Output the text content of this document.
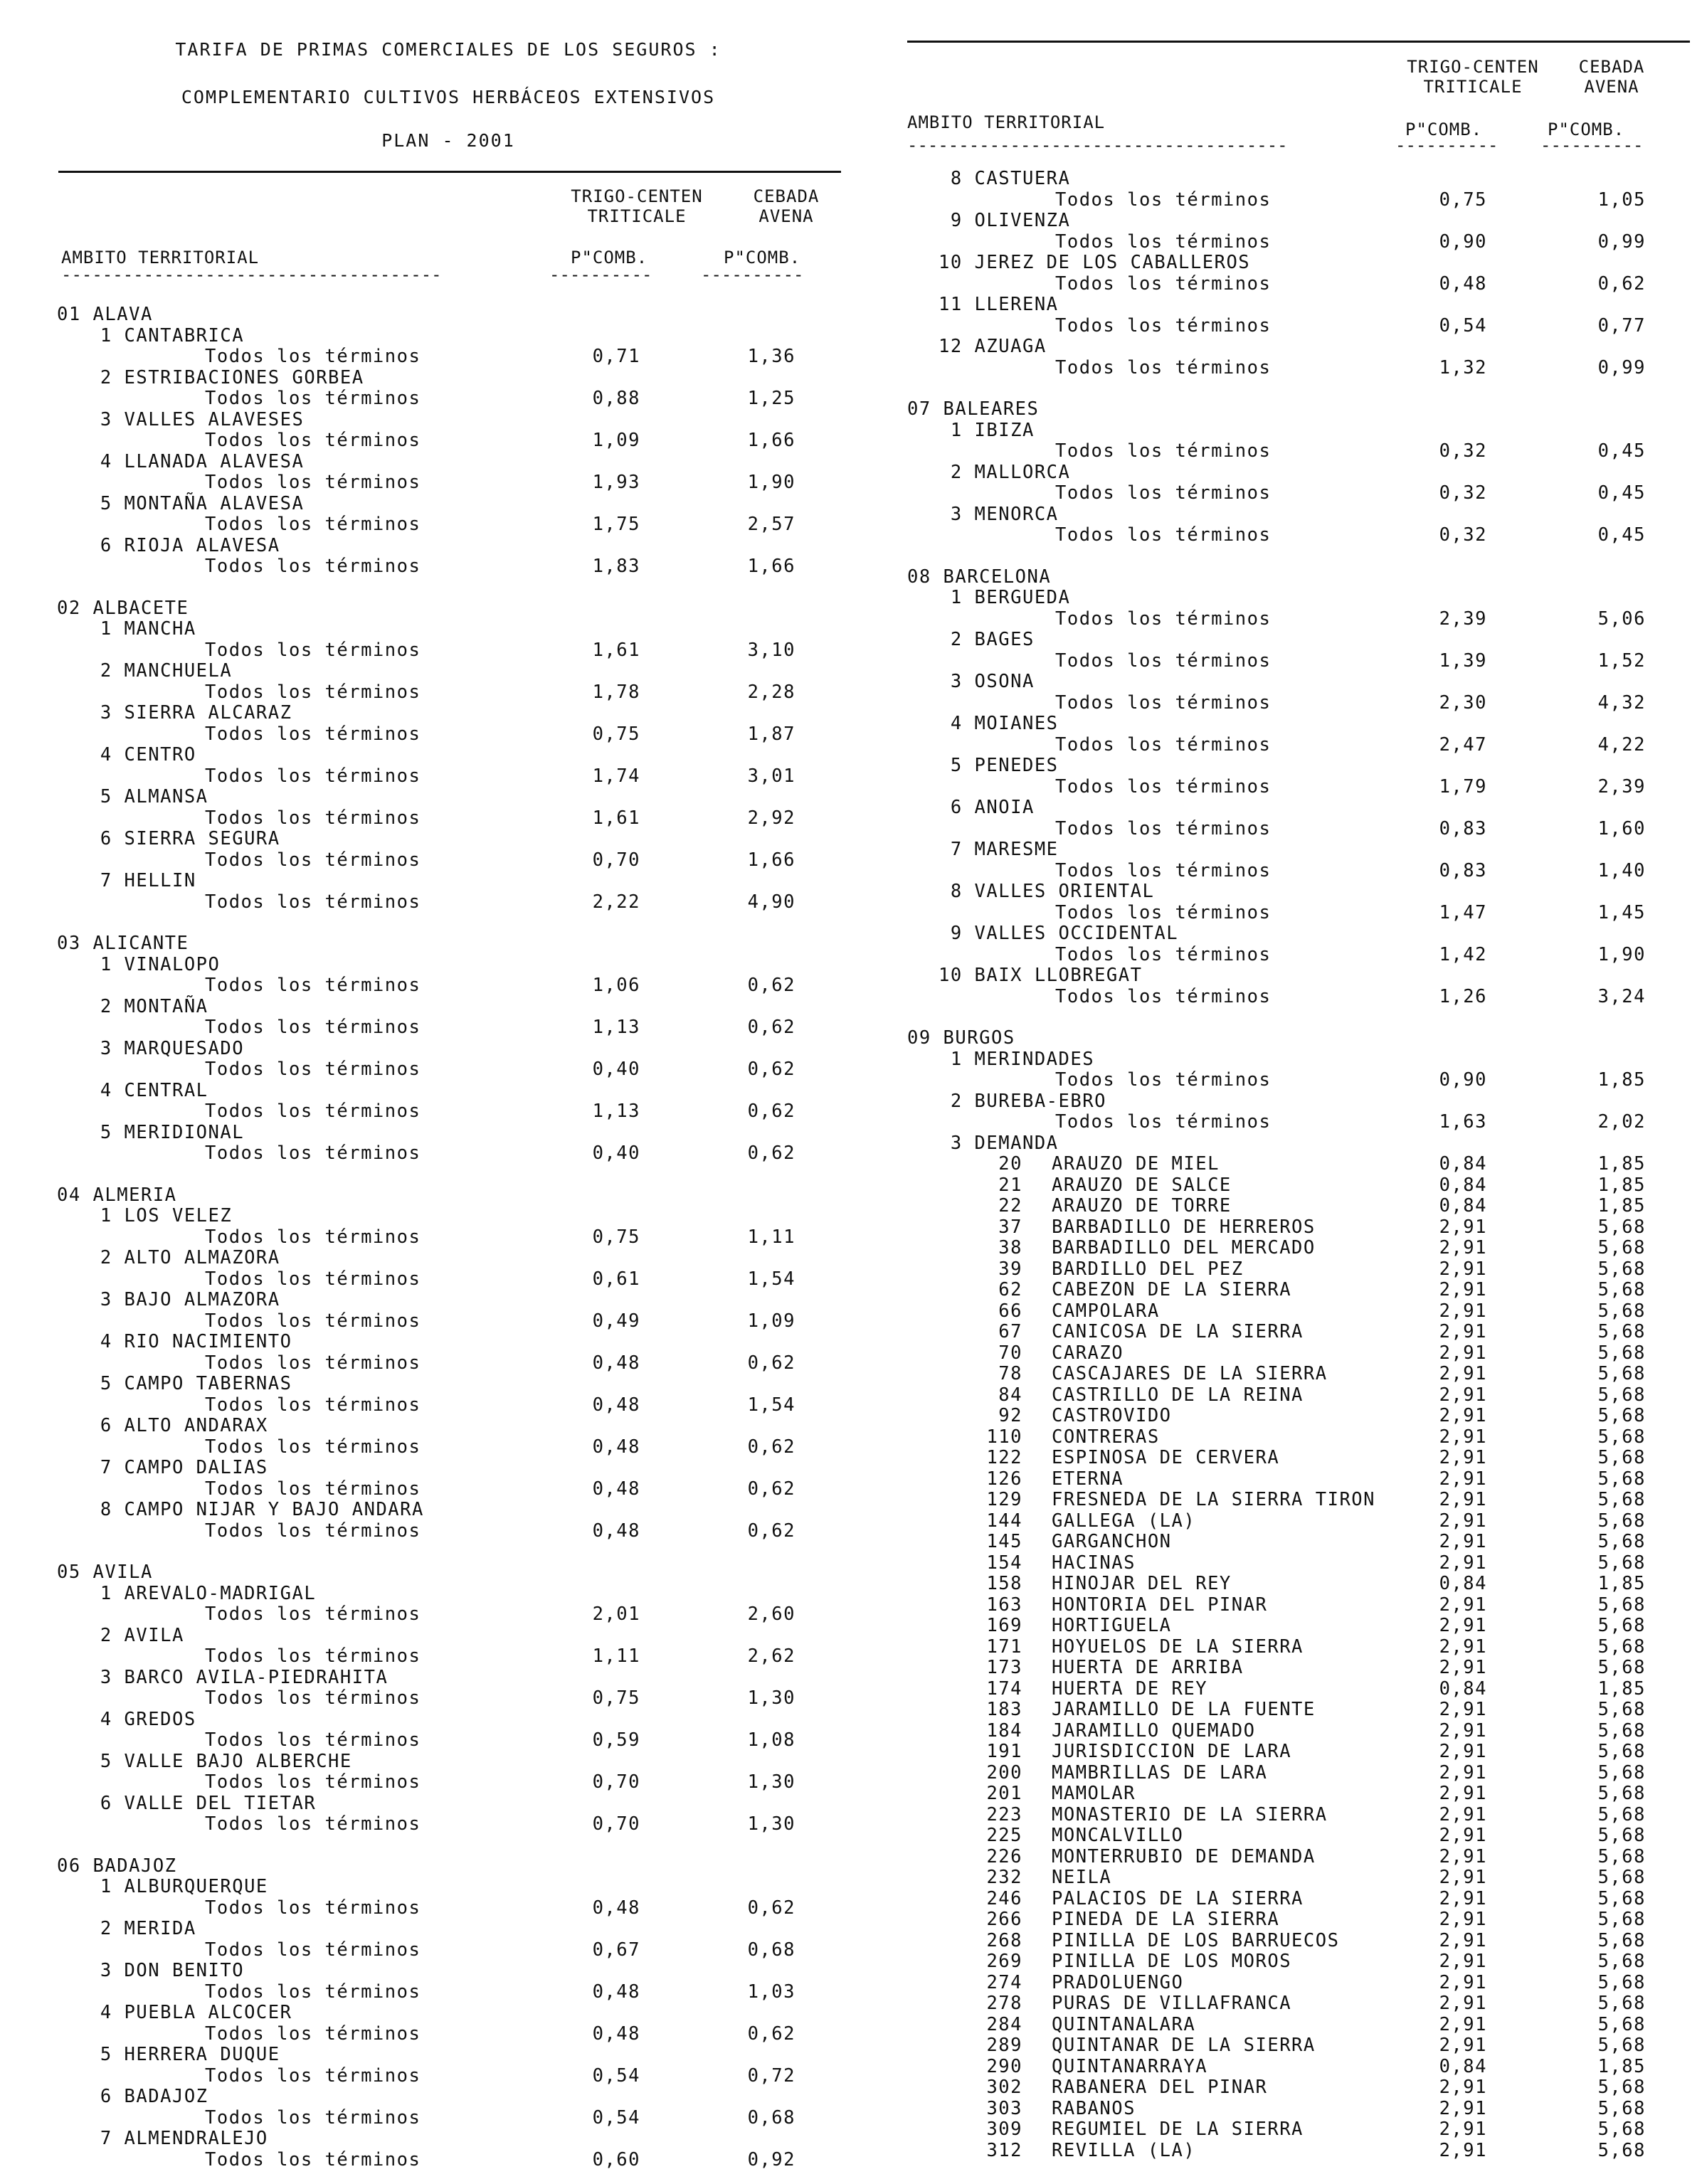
TARIFA DE PRIMAS COMERCIALES DE LOS SEGUROS :
COMPLEMENTARIO CULTIVOS HERBÁCEOS EXTENSIVOS
PLAN - 2001
TRIGO-CENTEN
TRITICALE
CEBADA
AVENA
AMBITO TERRITORIAL	P"COMB.	P"COMB.
-------------------------------------	----------	----------
01 ALAVA
1 CANTABRICA
Todos los términos	0,71	1,36
2 ESTRIBACIONES GORBEA
Todos los términos	0,88	1,25
3 VALLES ALAVESES
Todos los términos	1,09	1,66
4 LLANADA ALAVESA
Todos los términos	1,93	1,90
5 MONTAÑA ALAVESA
Todos los términos	1,75	2,57
6 RIOJA ALAVESA
Todos los términos	1,83	1,66
02 ALBACETE
1 MANCHA
Todos los términos	1,61	3,10
2 MANCHUELA
Todos los términos	1,78	2,28
3 SIERRA ALCARAZ
Todos los términos	0,75	1,87
4 CENTRO
Todos los términos	1,74	3,01
5 ALMANSA
Todos los términos	1,61	2,92
6 SIERRA SEGURA
Todos los términos	0,70	1,66
7 HELLIN
Todos los términos	2,22	4,90
03 ALICANTE
1 VINALOPO
Todos los términos	1,06	0,62
2 MONTAÑA
Todos los términos	1,13	0,62
3 MARQUESADO
Todos los términos	0,40	0,62
4 CENTRAL
Todos los términos	1,13	0,62
5 MERIDIONAL
Todos los términos	0,40	0,62
04 ALMERIA
1 LOS VELEZ
Todos los términos	0,75	1,11
2 ALTO ALMAZORA
Todos los términos	0,61	1,54
3 BAJO ALMAZORA
Todos los términos	0,49	1,09
4 RIO NACIMIENTO
Todos los términos	0,48	0,62
5 CAMPO TABERNAS
Todos los términos	0,48	1,54
6 ALTO ANDARAX
Todos los términos	0,48	0,62
7 CAMPO DALIAS
Todos los términos	0,48	0,62
8 CAMPO NIJAR Y BAJO ANDARA
Todos los términos	0,48	0,62
05 AVILA
1 AREVALO-MADRIGAL
Todos los términos	2,01	2,60
2 AVILA
Todos los términos	1,11	2,62
3 BARCO AVILA-PIEDRAHITA
Todos los términos	0,75	1,30
4 GREDOS
Todos los términos	0,59	1,08
5 VALLE BAJO ALBERCHE
Todos los términos	0,70	1,30
6 VALLE DEL TIETAR
Todos los términos	0,70	1,30
06 BADAJOZ
1 ALBURQUERQUE
Todos los términos	0,48	0,62
2 MERIDA
Todos los términos	0,67	0,68
3 DON BENITO
Todos los términos	0,48	1,03
4 PUEBLA ALCOCER
Todos los términos	0,48	0,62
5 HERRERA DUQUE
Todos los términos	0,54	0,72
6 BADAJOZ
Todos los términos	0,54	0,68
7 ALMENDRALEJO
Todos los términos	0,60	0,92
TRIGO-CENTEN
TRITICALE
CEBADA
AVENA
AMBITO TERRITORIAL	P"COMB.	P"COMB.
-------------------------------------	---------- ----------
8 CASTUERA
Todos los términos	0,75	1,05
9 OLIVENZA
Todos los términos	0,90	0,99
10 JEREZ DE LOS CABALLEROS
Todos los términos	0,48	0,62
11 LLERENA
Todos los términos	0,54	0,77
12 AZUAGA
Todos los términos	1,32	0,99
07 BALEARES
1 IBIZA
Todos los términos	0,32	0,45
2 MALLORCA
Todos los términos	0,32	0,45
3 MENORCA
Todos los términos	0,32	0,45
08 BARCELONA
1 BERGUEDA
Todos los términos	2,39	5,06
2 BAGES
Todos los términos	1,39	1,52
3 OSONA
Todos los términos	2,30	4,32
4 MOIANES
Todos los términos	2,47	4,22
5 PENEDES
Todos los términos	1,79	2,39
6 ANOIA
Todos los términos	0,83	1,60
7 MARESME
Todos los términos	0,83	1,40
8 VALLES ORIENTAL
Todos los términos	1,47	1,45
9 VALLES OCCIDENTAL
Todos los términos	1,42	1,90
10 BAIX LLOBREGAT
Todos los términos	1,26	3,24
09 BURGOS
1 MERINDADES
Todos los términos	0,90	1,85
2 BUREBA-EBRO
Todos los términos	1,63	2,02
3 DEMANDA
20 ARAUZO DE MIEL	0,84	1,85
21 ARAUZO DE SALCE	0,84	1,85
22 ARAUZO DE TORRE	0,84	1,85
37 BARBADILLO DE HERREROS	2,91	5,68
38 BARBADILLO DEL MERCADO	2,91	5,68
39 BARDILLO DEL PEZ	2,91	5,68
62 CABEZON DE LA SIERRA	2,91	5,68
66 CAMPOLARA	2,91	5,68
67 CANICOSA DE LA SIERRA	2,91	5,68
70 CARAZO	2,91	5,68
78 CASCAJARES DE LA SIERRA	2,91	5,68
84 CASTRILLO DE LA REINA	2,91	5,68
92 CASTROVIDO	2,91	5,68
110 CONTRERAS	2,91	5,68
122 ESPINOSA DE CERVERA	2,91	5,68
126 ETERNA	2,91	5,68
129 FRESNEDA DE LA SIERRA TIRON	2,91	5,68
144 GALLEGA (LA)	2,91	5,68
145 GARGANCHON	2,91	5,68
154 HACINAS	2,91	5,68
158 HINOJAR DEL REY	0,84	1,85
163 HONTORIA DEL PINAR	2,91	5,68
169 HORTIGUELA	2,91	5,68
171 HOYUELOS DE LA SIERRA	2,91	5,68
173 HUERTA DE ARRIBA	2,91	5,68
174 HUERTA DE REY	0,84	1,85
183 JARAMILLO DE LA FUENTE	2,91	5,68
184 JARAMILLO QUEMADO	2,91	5,68
191 JURISDICCION DE LARA	2,91	5,68
200 MAMBRILLAS DE LARA	2,91	5,68
201 MAMOLAR	2,91	5,68
223 MONASTERIO DE LA SIERRA	2,91	5,68
225 MONCALVILLO	2,91	5,68
226 MONTERRUBIO DE DEMANDA	2,91	5,68
232 NEILA	2,91	5,68
246 PALACIOS DE LA SIERRA	2,91	5,68
266 PINEDA DE LA SIERRA	2,91	5,68
268 PINILLA DE LOS BARRUECOS	2,91	5,68
269 PINILLA DE LOS MOROS	2,91	5,68
274 PRADOLUENGO	2,91	5,68
278 PURAS DE VILLAFRANCA	2,91	5,68
284 QUINTANALARA	2,91	5,68
289 QUINTANAR DE LA SIERRA	2,91	5,68
290 QUINTANARRAYA	0,84	1,85
302 RABANERA DEL PINAR	2,91	5,68
303 RABANOS	2,91	5,68
309 REGUMIEL DE LA SIERRA	2,91	5,68
312 REVILLA (LA)	2,91	5,68
